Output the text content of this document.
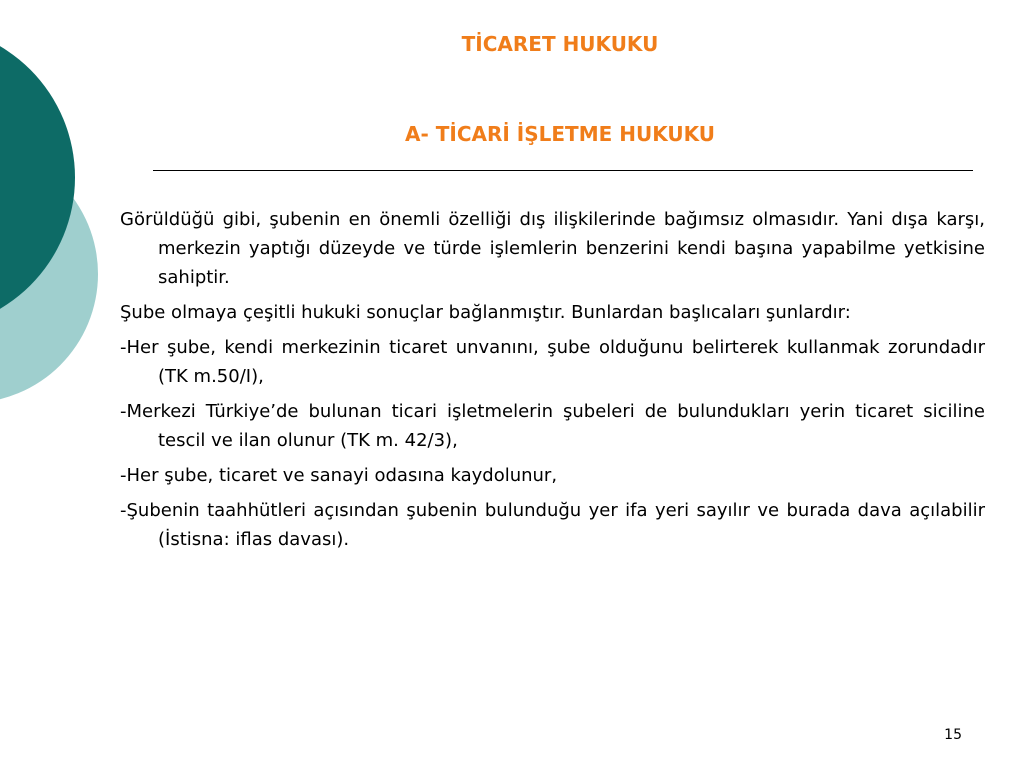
TİCARET HUKUKU
A- TİCARİ İŞLETME HUKUKU
Görüldüğü gibi, şubenin en önemli özelliği dış ilişkilerinde bağımsız olmasıdır. Yani dışa karşı, merkezin yaptığı düzeyde ve türde işlemlerin benzerini kendi başına yapabilme yetkisine sahiptir.
Şube olmaya çeşitli hukuki sonuçlar bağlanmıştır. Bunlardan başlıcaları şunlardır:
-Her şube, kendi merkezinin ticaret unvanını, şube olduğunu belirterek kullanmak zorundadır (TK m.50/I),
-Merkezi Türkiye’de bulunan ticari işletmelerin şubeleri de bulundukları yerin ticaret siciline tescil ve ilan olunur (TK m. 42/3),
-Her şube, ticaret ve sanayi odasına kaydolunur,
-Şubenin taahhütleri açısından şubenin bulunduğu yer ifa yeri sayılır ve burada dava açılabilir (İstisna: iflas davası).
15
